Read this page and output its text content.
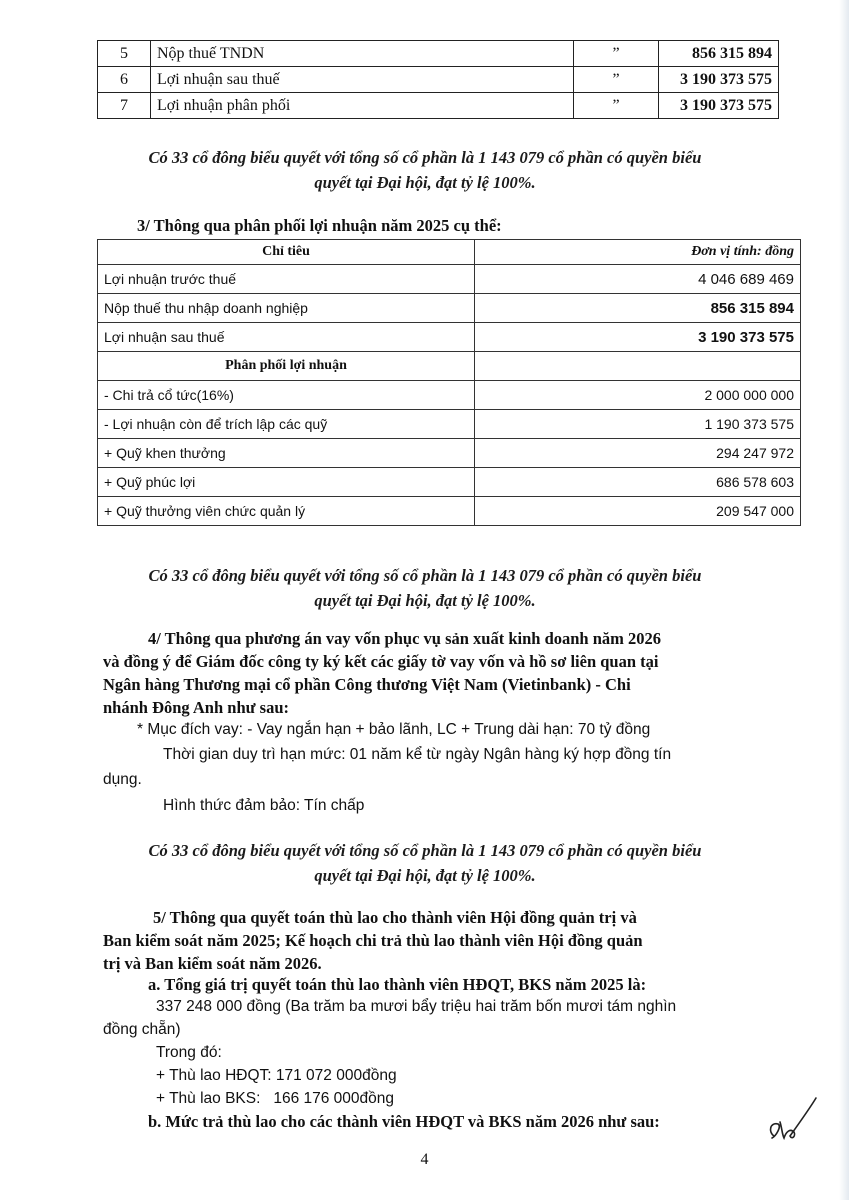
5	Nộp thuế TNDN	”	856 315 894
6	Lợi nhuận sau thuế	”	3 190 373 575
7	Lợi nhuận phân phối	”	3 190 373 575
Có 33 cổ đông biểu quyết với tổng số cổ phần là 1 143 079 cổ phần có quyền biểu
quyết tại Đại hội, đạt tỷ lệ 100%.
3/ Thông qua phân phối lợi nhuận năm 2025 cụ thể:
Chỉ tiêu	Đơn vị tính: đồng
Lợi nhuận trước thuế	4 046 689 469
Nộp thuế thu nhập doanh nghiệp	856 315 894
Lợi nhuận sau thuế	3 190 373 575
Phân phối lợi nhuận	
- Chi trả cổ tức(16%)	2 000 000 000
- Lợi nhuận còn để trích lập các quỹ	1 190 373 575
+ Quỹ khen thưởng	294 247 972
+ Quỹ phúc lợi	686 578 603
+ Quỹ thưởng viên chức quản lý	209 547 000
Có 33 cổ đông biểu quyết với tổng số cổ phần là 1 143 079 cổ phần có quyền biểu
quyết tại Đại hội, đạt tỷ lệ 100%.
4/ Thông qua phương án vay vốn phục vụ sản xuất kinh doanh năm 2026
và đồng ý để Giám đốc công ty ký kết các giấy tờ vay vốn và hồ sơ liên quan tại
Ngân hàng Thương mại cổ phần Công thương Việt Nam (Vietinbank) - Chi
nhánh Đông Anh như sau:
* Mục đích vay: - Vay ngắn hạn + bảo lãnh, LC + Trung dài hạn: 70 tỷ đồng
Thời gian duy trì hạn mức: 01 năm kể từ ngày Ngân hàng ký hợp đồng tín
dụng.
Hình thức đảm bảo: Tín chấp
Có 33 cổ đông biểu quyết với tổng số cổ phần là 1 143 079 cổ phần có quyền biểu
quyết tại Đại hội, đạt tỷ lệ 100%.
5/ Thông qua quyết toán thù lao cho thành viên Hội đồng quản trị và
Ban kiểm soát năm 2025; Kế hoạch chi trả thù lao thành viên Hội đồng quản
trị và Ban kiểm soát năm 2026.
a. Tổng giá trị quyết toán thù lao thành viên HĐQT, BKS năm 2025 là:
337 248 000 đồng (Ba trăm ba mươi bẩy triệu hai trăm bốn mươi tám nghìn
đồng chẵn)
Trong đó:
+ Thù lao HĐQT: 171 072 000đồng
+ Thù lao BKS:   166 176 000đồng
b. Mức trả thù lao cho các thành viên HĐQT và BKS năm 2026 như sau:
4
